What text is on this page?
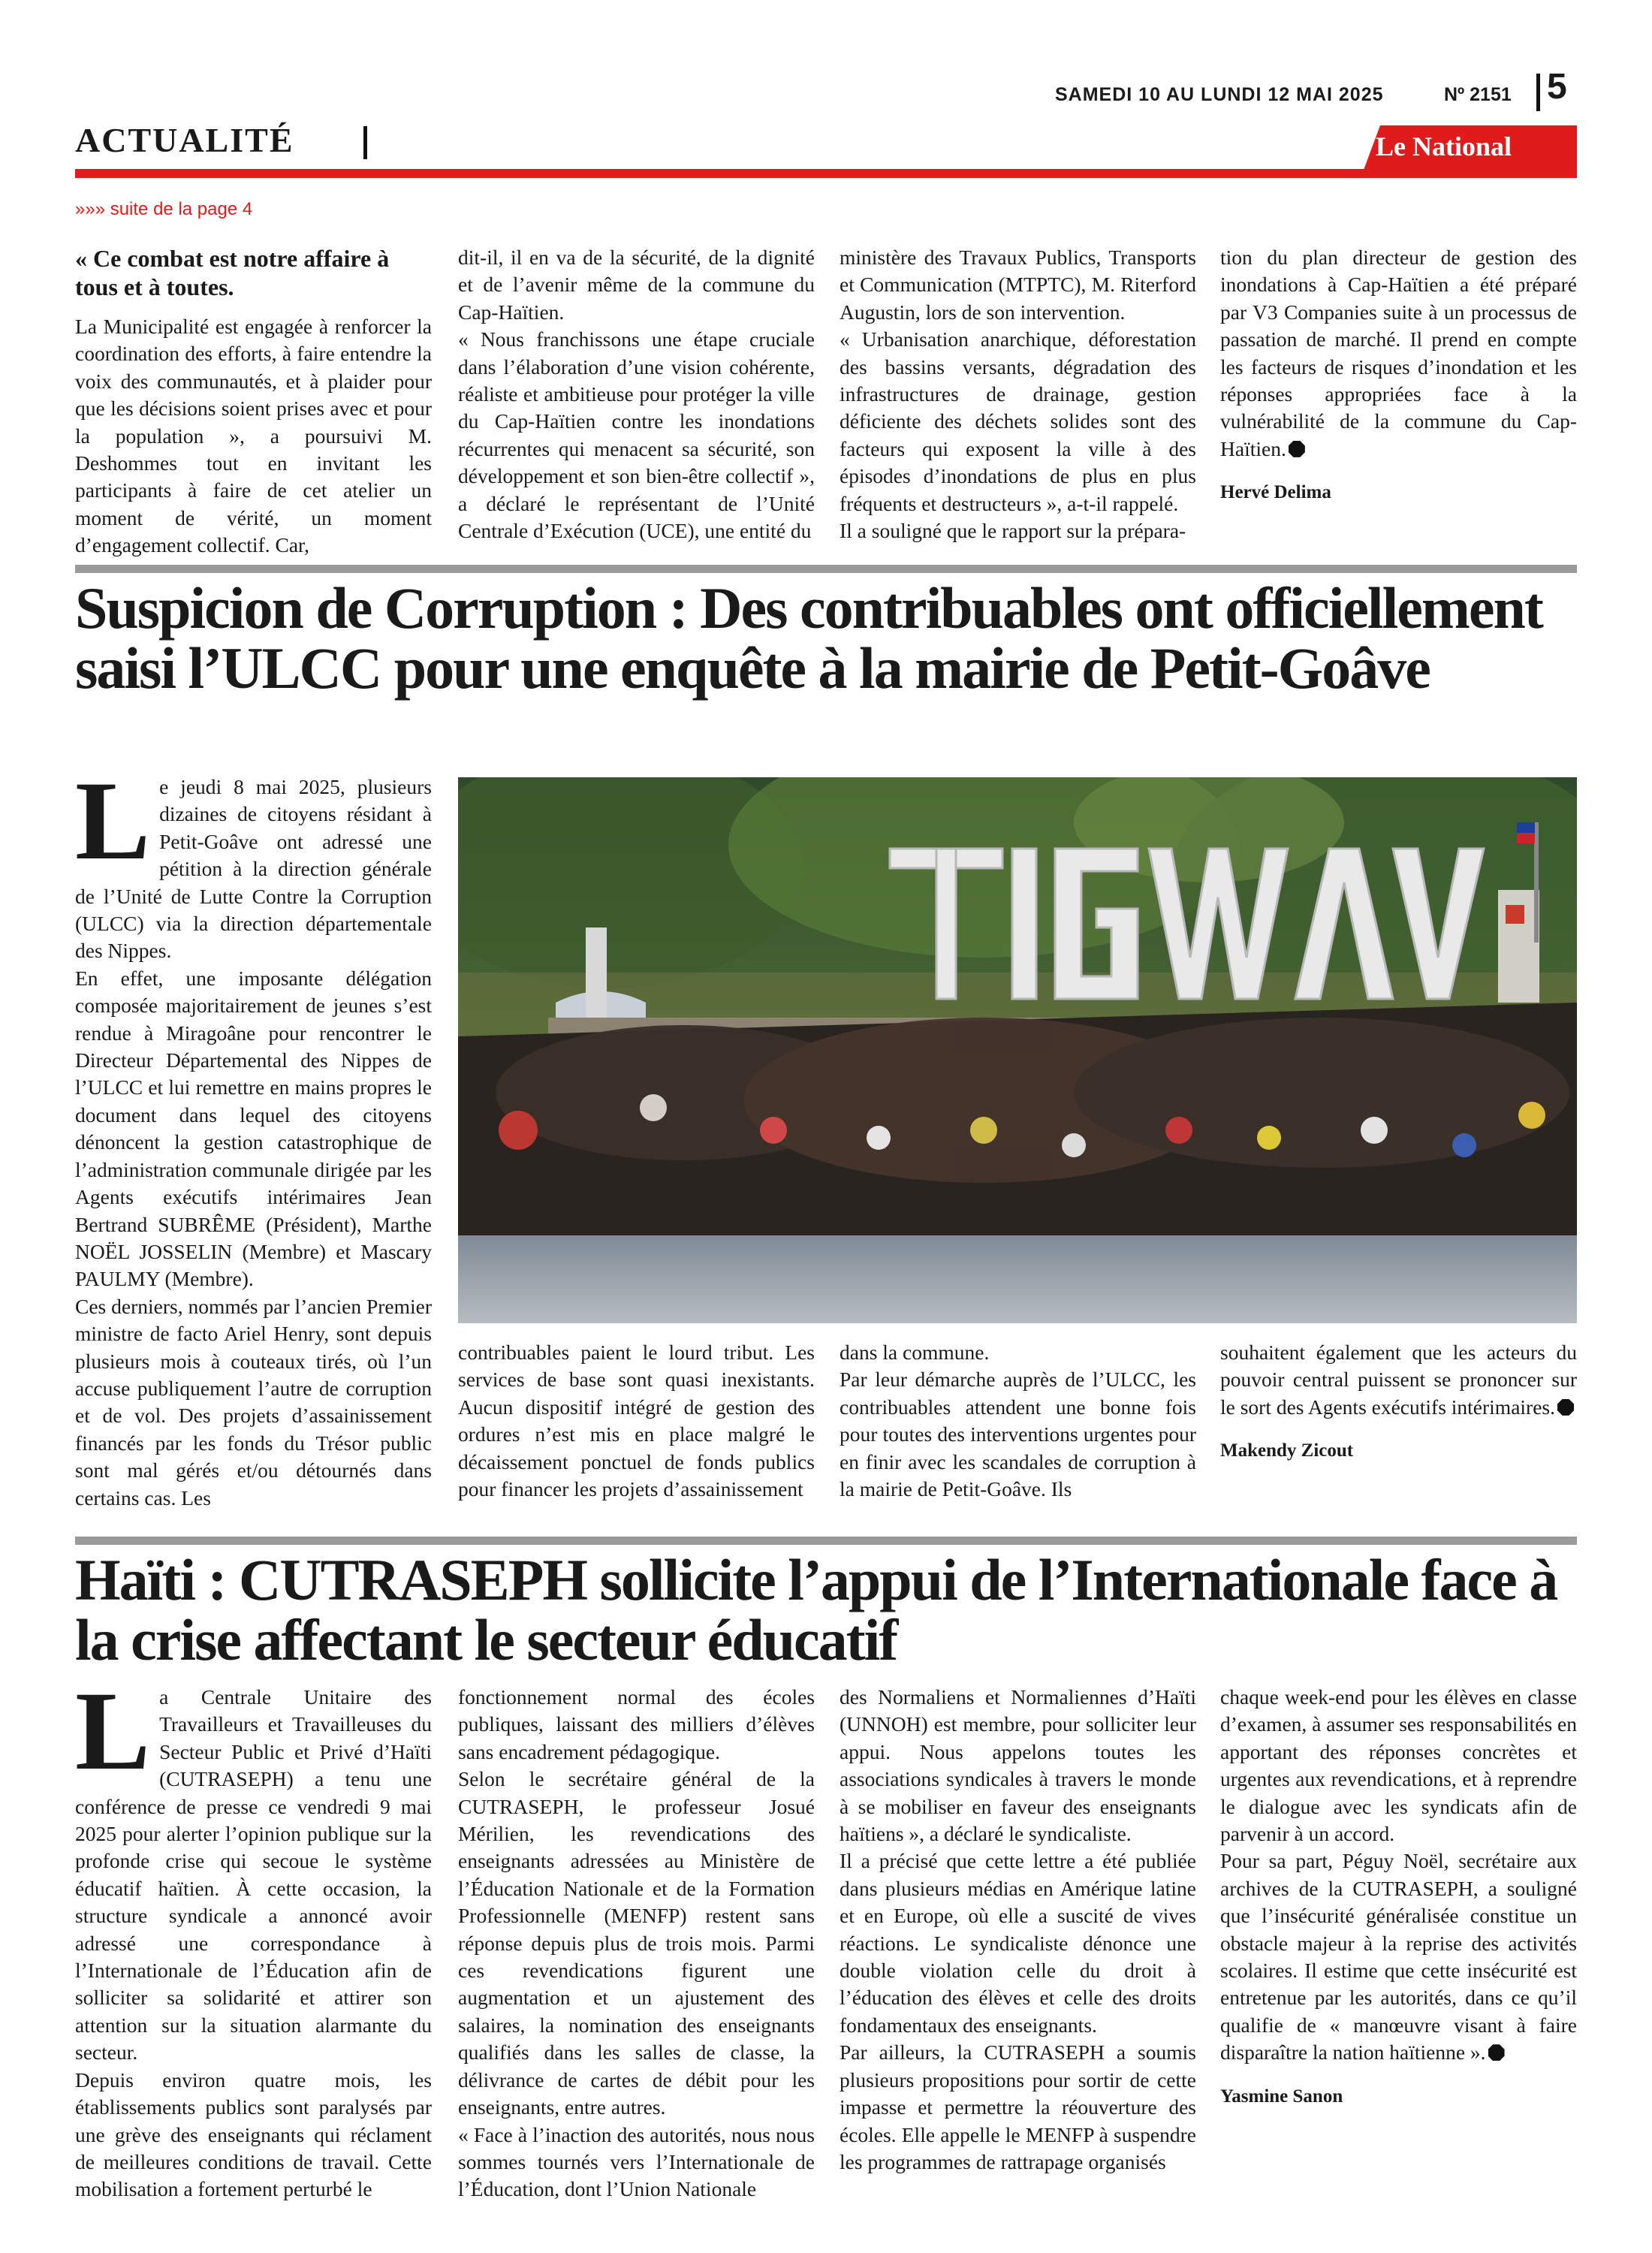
SAMEDI 10 AU LUNDI 12 MAI 2025	Nº 2151 5
ACTUALITÉ	Le National
»»» suite de la page 4

« Ce combat est notre affaire à tous et à toutes.

La Municipalité est engagée à renforcer la coordination des efforts, à faire entendre la voix des communautés, et à plaider pour que les décisions soient prises avec et pour la population », a poursuivi M. Deshommes tout en invitant les participants à faire de cet atelier un moment de vérité, un moment d’engagement collectif. Car,

dit-il, il en va de la sécurité, de la dignité et de l’avenir même de la commune du Cap-Haïtien.

« Nous franchissons une étape cruciale dans l’élaboration d’une vision cohérente, réaliste et ambitieuse pour protéger la ville du Cap-Haïtien contre les inondations récurrentes qui menacent sa sécurité, son développement et son bien-être collectif », a déclaré le représentant de l’Unité Centrale d’Exécution (UCE), une entité du

ministère des Travaux Publics, Transports et Communication (MTPTC), M. Riterford Augustin, lors de son intervention.

« Urbanisation anarchique, déforestation des bassins versants, dégradation des infrastructures de drainage, gestion déficiente des déchets solides sont des facteurs qui exposent la ville à des épisodes d’inondations de plus en plus fréquents et destructeurs », a-t-il rappelé.

Il a souligné que le rapport sur la prépara-

tion du plan directeur de gestion des inondations à Cap-Haïtien a été préparé par V3 Companies suite à un processus de passation de marché. Il prend en compte les facteurs de risques d’inondation et les réponses appropriées face à la vulnérabilité de la commune du Cap-Haïtien.

Hervé Delima

Suspicion de Corruption : Des contribuables ont officiellement saisi l’ULCC pour une enquête à la mairie de Petit-Goâve

Le jeudi 8 mai 2025, plusieurs dizaines de citoyens résidant à Petit-Goâve ont adressé une pétition à la direction générale de l’Unité de Lutte Contre la Corruption (ULCC) via la direction départementale des Nippes.

En effet, une imposante délégation composée majoritairement de jeunes s’est rendue à Miragoâne pour rencontrer le Directeur Départemental des Nippes de l’ULCC et lui remettre en mains propres le document dans lequel des citoyens dénoncent la gestion catastrophique de l’administration communale dirigée par les Agents exécutifs intérimaires Jean Bertrand SUBRÊME (Président), Marthe NOËL JOSSELIN (Membre) et Mascary PAULMY (Membre).

Ces derniers, nommés par l’ancien Premier ministre de facto Ariel Henry, sont depuis plusieurs mois à couteaux tirés, où l’un accuse publiquement l’autre de corruption et de vol. Des projets d’assainissement financés par les fonds du Trésor public sont mal gérés et/ou détournés dans certains cas. Les

contribuables paient le lourd tribut. Les services de base sont quasi inexistants. Aucun dispositif intégré de gestion des ordures n’est mis en place malgré le décaissement ponctuel de fonds publics pour financer les projets d’assainissement

dans la commune.

Par leur démarche auprès de l’ULCC, les contribuables attendent une bonne fois pour toutes des interventions urgentes pour en finir avec les scandales de corruption à la mairie de Petit-Goâve. Ils

souhaitent également que les acteurs du pouvoir central puissent se prononcer sur le sort des Agents exécutifs intérimaires.

Makendy Zicout

Haïti : CUTRASEPH sollicite l’appui de l’Internationale face à la crise affectant le secteur éducatif

La Centrale Unitaire des Travailleurs et Travailleuses du Secteur Public et Privé d’Haïti (CUTRASEPH) a tenu une conférence de presse ce vendredi 9 mai 2025 pour alerter l’opinion publique sur la profonde crise qui secoue le système éducatif haïtien. À cette occasion, la structure syndicale a annoncé avoir adressé une correspondance à l’Internationale de l’Éducation afin de solliciter sa solidarité et attirer son attention sur la situation alarmante du secteur.

Depuis environ quatre mois, les établissements publics sont paralysés par une grève des enseignants qui réclament de meilleures conditions de travail. Cette mobilisation a fortement perturbé le

fonctionnement normal des écoles publiques, laissant des milliers d’élèves sans encadrement pédagogique.

Selon le secrétaire général de la CUTRASEPH, le professeur Josué Mérilien, les revendications des enseignants adressées au Ministère de l’Éducation Nationale et de la Formation Professionnelle (MENFP) restent sans réponse depuis plus de trois mois. Parmi ces revendications figurent une augmentation et un ajustement des salaires, la nomination des enseignants qualifiés dans les salles de classe, la délivrance de cartes de débit pour les enseignants, entre autres.

« Face à l’inaction des autorités, nous nous sommes tournés vers l’Internationale de l’Éducation, dont l’Union Nationale

des Normaliens et Normaliennes d’Haïti (UNNOH) est membre, pour solliciter leur appui. Nous appelons toutes les associations syndicales à travers le monde à se mobiliser en faveur des enseignants haïtiens », a déclaré le syndicaliste.

Il a précisé que cette lettre a été publiée dans plusieurs médias en Amérique latine et en Europe, où elle a suscité de vives réactions. Le syndicaliste dénonce une double violation celle du droit à l’éducation des élèves et celle des droits fondamentaux des enseignants.

Par ailleurs, la CUTRASEPH a soumis plusieurs propositions pour sortir de cette impasse et permettre la réouverture des écoles. Elle appelle le MENFP à suspendre les programmes de rattrapage organisés

chaque week-end pour les élèves en classe d’examen, à assumer ses responsabilités en apportant des réponses concrètes et urgentes aux revendications, et à reprendre le dialogue avec les syndicats afin de parvenir à un accord.

Pour sa part, Péguy Noël, secrétaire aux archives de la CUTRASEPH, a souligné que l’insécurité généralisée constitue un obstacle majeur à la reprise des activités scolaires. Il estime que cette insécurité est entretenue par les autorités, dans ce qu’il qualifie de « manœuvre visant à faire disparaître la nation haïtienne ».

Yasmine Sanon
